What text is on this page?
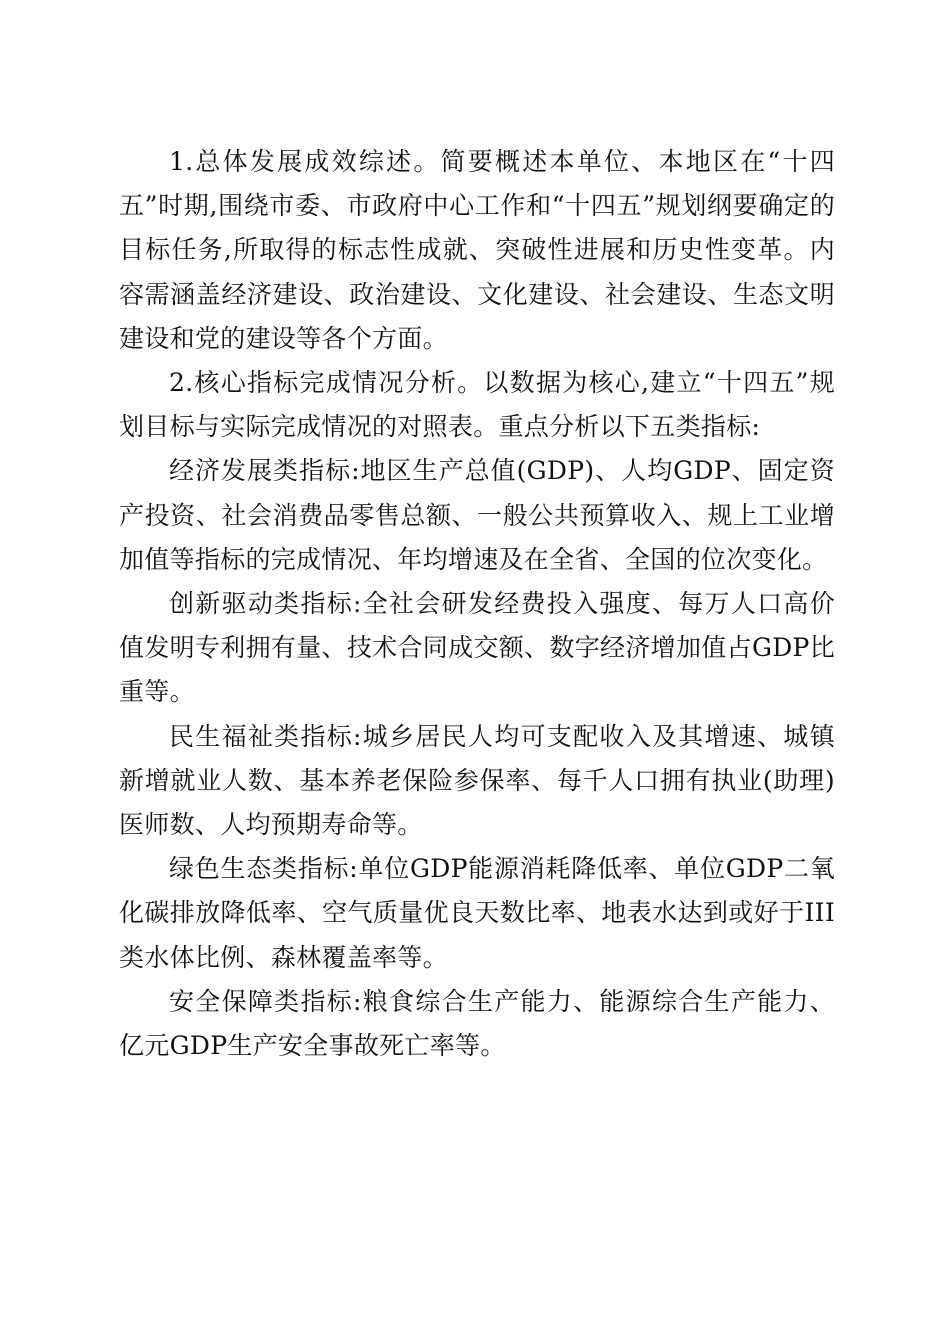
1.总体发展成效综述。简要概述本单位、本地区在“十四五”时期,围绕市委、市政府中心工作和“十四五”规划纲要确定的目标任务,所取得的标志性成就、突破性进展和历史性变革。内容需涵盖经济建设、政治建设、文化建设、社会建设、生态文明建设和党的建设等各个方面。

2.核心指标完成情况分析。以数据为核心,建立“十四五”规划目标与实际完成情况的对照表。重点分析以下五类指标:

经济发展类指标:地区生产总值(GDP)、人均GDP、固定资产投资、社会消费品零售总额、一般公共预算收入、规上工业增加值等指标的完成情况、年均增速及在全省、全国的位次变化。

创新驱动类指标:全社会研发经费投入强度、每万人口高价值发明专利拥有量、技术合同成交额、数字经济增加值占GDP比重等。

民生福祉类指标:城乡居民人均可支配收入及其增速、城镇新增就业人数、基本养老保险参保率、每千人口拥有执业(助理)医师数、人均预期寿命等。

绿色生态类指标:单位GDP能源消耗降低率、单位GDP二氧化碳排放降低率、空气质量优良天数比率、地表水达到或好于III类水体比例、森林覆盖率等。

安全保障类指标:粮食综合生产能力、能源综合生产能力、亿元GDP生产安全事故死亡率等。
